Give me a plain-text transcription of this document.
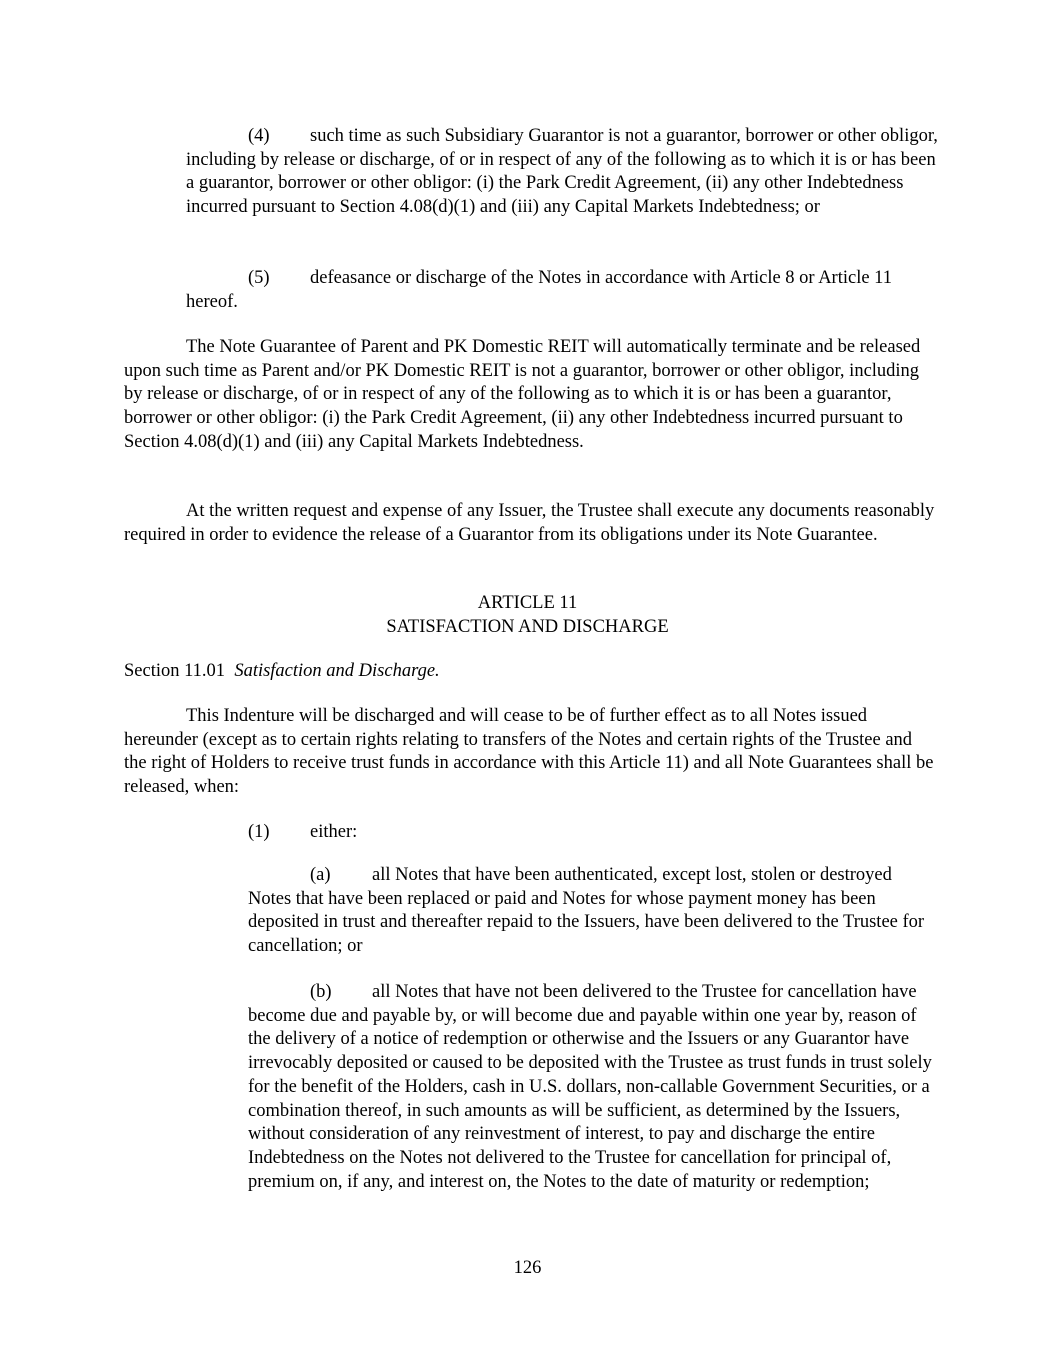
(4) such time as such Subsidiary Guarantor is not a guarantor, borrower or other obligor, including by release or discharge, of or in respect of any of the following as to which it is or has been a guarantor, borrower or other obligor: (i) the Park Credit Agreement, (ii) any other Indebtedness incurred pursuant to Section 4.08(d)(1) and (iii) any Capital Markets Indebtedness; or

(5) defeasance or discharge of the Notes in accordance with Article 8 or Article 11 hereof.

The Note Guarantee of Parent and PK Domestic REIT will automatically terminate and be released upon such time as Parent and/or PK Domestic REIT is not a guarantor, borrower or other obligor, including by release or discharge, of or in respect of any of the following as to which it is or has been a guarantor, borrower or other obligor: (i) the Park Credit Agreement, (ii) any other Indebtedness incurred pursuant to Section 4.08(d)(1) and (iii) any Capital Markets Indebtedness.

At the written request and expense of any Issuer, the Trustee shall execute any documents reasonably required in order to evidence the release of a Guarantor from its obligations under its Note Guarantee.

ARTICLE 11

SATISFACTION AND DISCHARGE

Section 11.01 Satisfaction and Discharge.

This Indenture will be discharged and will cease to be of further effect as to all Notes issued hereunder (except as to certain rights relating to transfers of the Notes and certain rights of the Trustee and the right of Holders to receive trust funds in accordance with this Article 11) and all Note Guarantees shall be released, when:

(1) either:

(a) all Notes that have been authenticated, except lost, stolen or destroyed Notes that have been replaced or paid and Notes for whose payment money has been deposited in trust and thereafter repaid to the Issuers, have been delivered to the Trustee for cancellation; or

(b) all Notes that have not been delivered to the Trustee for cancellation have become due and payable by, or will become due and payable within one year by, reason of the delivery of a notice of redemption or otherwise and the Issuers or any Guarantor have irrevocably deposited or caused to be deposited with the Trustee as trust funds in trust solely for the benefit of the Holders, cash in U.S. dollars, non-callable Government Securities, or a combination thereof, in such amounts as will be sufficient, as determined by the Issuers, without consideration of any reinvestment of interest, to pay and discharge the entire Indebtedness on the Notes not delivered to the Trustee for cancellation for principal of, premium on, if any, and interest on, the Notes to the date of maturity or redemption;

126
